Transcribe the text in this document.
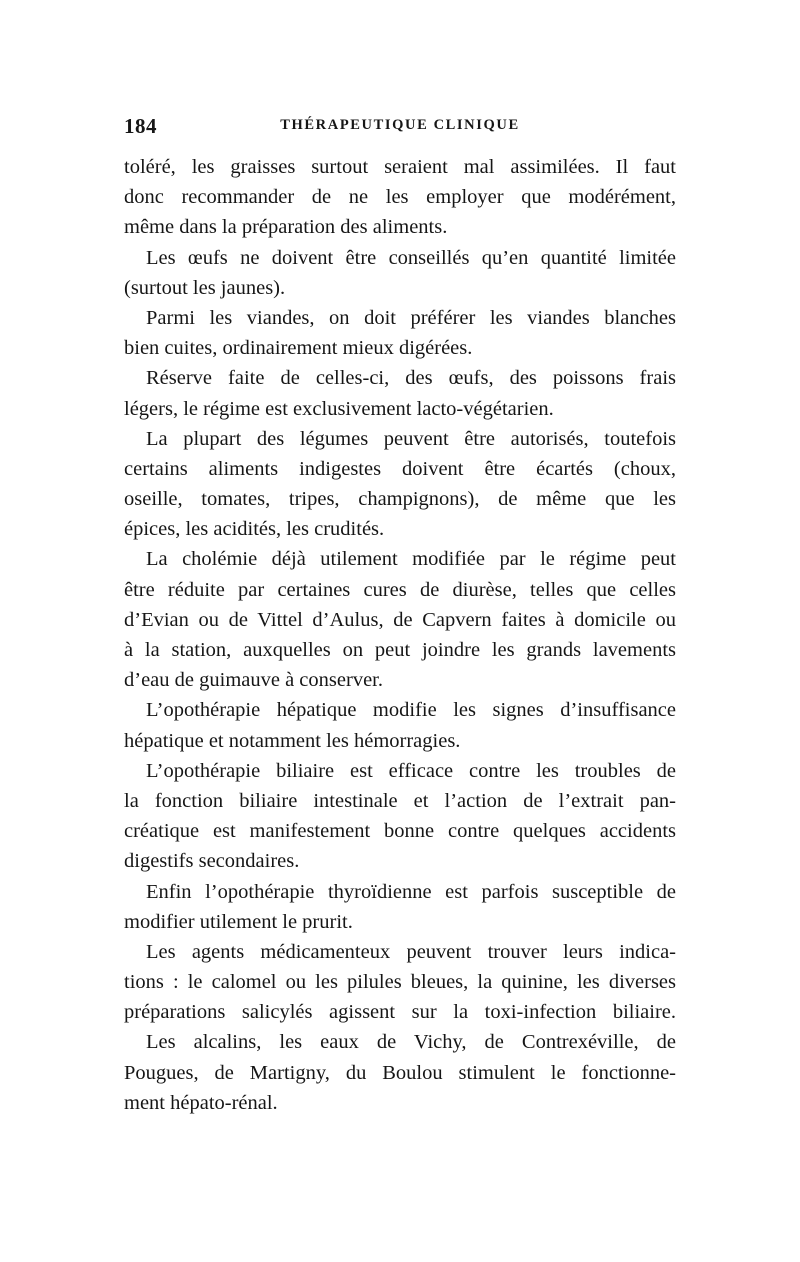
184	THÉRAPEUTIQUE CLINIQUE
toléré, les graisses surtout seraient mal assimilées. Il faut
donc recommander de ne les employer que modérément,
même dans la préparation des aliments.
Les œufs ne doivent être conseillés qu’en quantité limitée
(surtout les jaunes).
Parmi les viandes, on doit préférer les viandes blanches
bien cuites, ordinairement mieux digérées.
Réserve faite de celles-ci, des œufs, des poissons frais
légers, le régime est exclusivement lacto-végétarien.
La plupart des légumes peuvent être autorisés, toutefois
certains aliments indigestes doivent être écartés (choux,
oseille, tomates, tripes, champignons), de même que les
épices, les acidités, les crudités.
La cholémie déjà utilement modifiée par le régime peut
être réduite par certaines cures de diurèse, telles que celles
d’Evian ou de Vittel d’Aulus, de Capvern faites à domicile ou
à la station, auxquelles on peut joindre les grands lavements
d’eau de guimauve à conserver.
L’opothérapie hépatique modifie les signes d’insuffisance
hépatique et notamment les hémorragies.
L’opothérapie biliaire est efficace contre les troubles de
la fonction biliaire intestinale et l’action de l’extrait pan-
créatique est manifestement bonne contre quelques accidents
digestifs secondaires.
Enfin l’opothérapie thyroïdienne est parfois susceptible de
modifier utilement le prurit.
Les agents médicamenteux peuvent trouver leurs indica-
tions : le calomel ou les pilules bleues, la quinine, les diverses
préparations salicylés agissent sur la toxi-infection biliaire.
Les alcalins, les eaux de Vichy, de Contrexéville, de
Pougues, de Martigny, du Boulou stimulent le fonctionne-
ment hépato-rénal.
